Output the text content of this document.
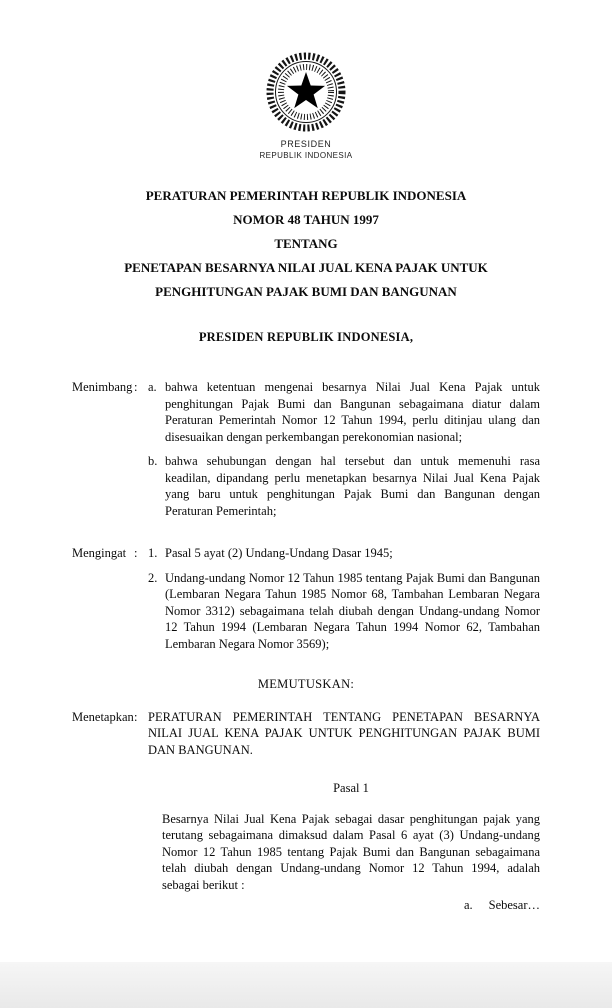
PRESIDEN
REPUBLIK INDONESIA
PERATURAN PEMERINTAH REPUBLIK INDONESIA
NOMOR 48 TAHUN 1997
TENTANG
PENETAPAN BESARNYA NILAI JUAL KENA PAJAK UNTUK
PENGHITUNGAN PAJAK BUMI DAN BANGUNAN
PRESIDEN REPUBLIK INDONESIA,
Menimbang : a. bahwa ketentuan mengenai besarnya Nilai Jual Kena Pajak untuk penghitungan Pajak Bumi dan Bangunan sebagaimana diatur dalam Peraturan Pemerintah Nomor 12 Tahun 1994, perlu ditinjau ulang dan disesuaikan dengan perkembangan perekonomian nasional;
b. bahwa sehubungan dengan hal tersebut dan untuk memenuhi rasa keadilan, dipandang perlu menetapkan besarnya Nilai Jual Kena Pajak yang baru untuk penghitungan Pajak Bumi dan Bangunan dengan Peraturan Pemerintah;
Mengingat : 1. Pasal 5 ayat (2) Undang-Undang Dasar 1945;
2. Undang-undang Nomor 12 Tahun 1985 tentang Pajak Bumi dan Bangunan (Lembaran Negara Tahun 1985 Nomor 68, Tambahan Lembaran Negara Nomor 3312) sebagaimana telah diubah dengan Undang-undang Nomor 12 Tahun 1994 (Lembaran Negara Tahun 1994 Nomor 62, Tambahan Lembaran Negara Nomor 3569);
MEMUTUSKAN:
Menetapkan : PERATURAN PEMERINTAH TENTANG PENETAPAN BESARNYA NILAI JUAL KENA PAJAK UNTUK PENGHITUNGAN PAJAK BUMI DAN BANGUNAN.
Pasal 1
Besarnya Nilai Jual Kena Pajak sebagai dasar penghitungan pajak yang terutang sebagaimana dimaksud dalam Pasal 6 ayat (3) Undang-undang Nomor 12 Tahun 1985 tentang Pajak Bumi dan Bangunan sebagaimana telah diubah dengan Undang-undang Nomor 12 Tahun 1994, adalah sebagai berikut :
a. Sebesar…
